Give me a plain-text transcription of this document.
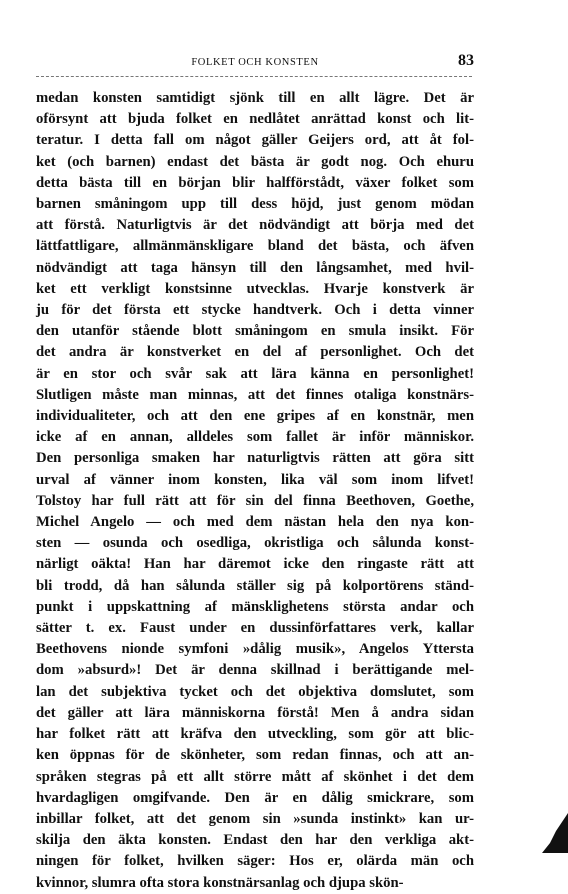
FOLKET OCH KONSTEN	83
medan konsten samtidigt sjönk till en allt lägre. Det är
oförsynt att bjuda folket en nedlåtet anrättad konst och lit-
teratur. I detta fall om något gäller Geijers ord, att åt fol-
ket (och barnen) endast det bästa är godt nog. Och ehuru
detta bästa till en början blir halfförstådt, växer folket som
barnen småningom upp till dess höjd, just genom mödan
att förstå. Naturligtvis är det nödvändigt att börja med det
lättfattligare, allmänmänskligare bland det bästa, och äfven
nödvändigt att taga hänsyn till den långsamhet, med hvil-
ket ett verkligt konstsinne utvecklas. Hvarje konstverk är
ju för det första ett stycke handtverk. Och i detta vinner
den utanför stående blott småningom en smula insikt. För
det andra är konstverket en del af personlighet. Och det
är en stor och svår sak att lära känna en personlighet!
Slutligen måste man minnas, att det finnes otaliga konstnärs-
individualiteter, och att den ene gripes af en konstnär, men
icke af en annan, alldeles som fallet är inför människor.
Den personliga smaken har naturligtvis rätten att göra sitt
urval af vänner inom konsten, lika väl som inom lifvet!
Tolstoy har full rätt att för sin del finna Beethoven, Goethe,
Michel Angelo — och med dem nästan hela den nya kon-
sten — osunda och osedliga, okristliga och sålunda konst-
närligt oäkta! Han har däremot icke den ringaste rätt att
bli trodd, då han sålunda ställer sig på kolportörens ständ-
punkt i uppskattning af mänsklighetens största andar och
sätter t. ex. Faust under en dussinförfattares verk, kallar
Beethovens nionde symfoni »dålig musik», Angelos Yttersta
dom »absurd»! Det är denna skillnad i berättigande mel-
lan det subjektiva tycket och det objektiva domslutet, som
det gäller att lära människorna förstå! Men å andra sidan
har folket rätt att kräfva den utveckling, som gör att blic-
ken öppnas för de skönheter, som redan finnas, och att an-
språken stegras på ett allt större mått af skönhet i det dem
hvardagligen omgifvande. Den är en dålig smickrare, som
inbillar folket, att det genom sin »sunda instinkt» kan ur-
skilja den äkta konsten. Endast den har den verkliga akt-
ningen för folket, hvilken säger: Hos er, olärda män och
kvinnor, slumra ofta stora konstnärsanlag och djupa skön-
